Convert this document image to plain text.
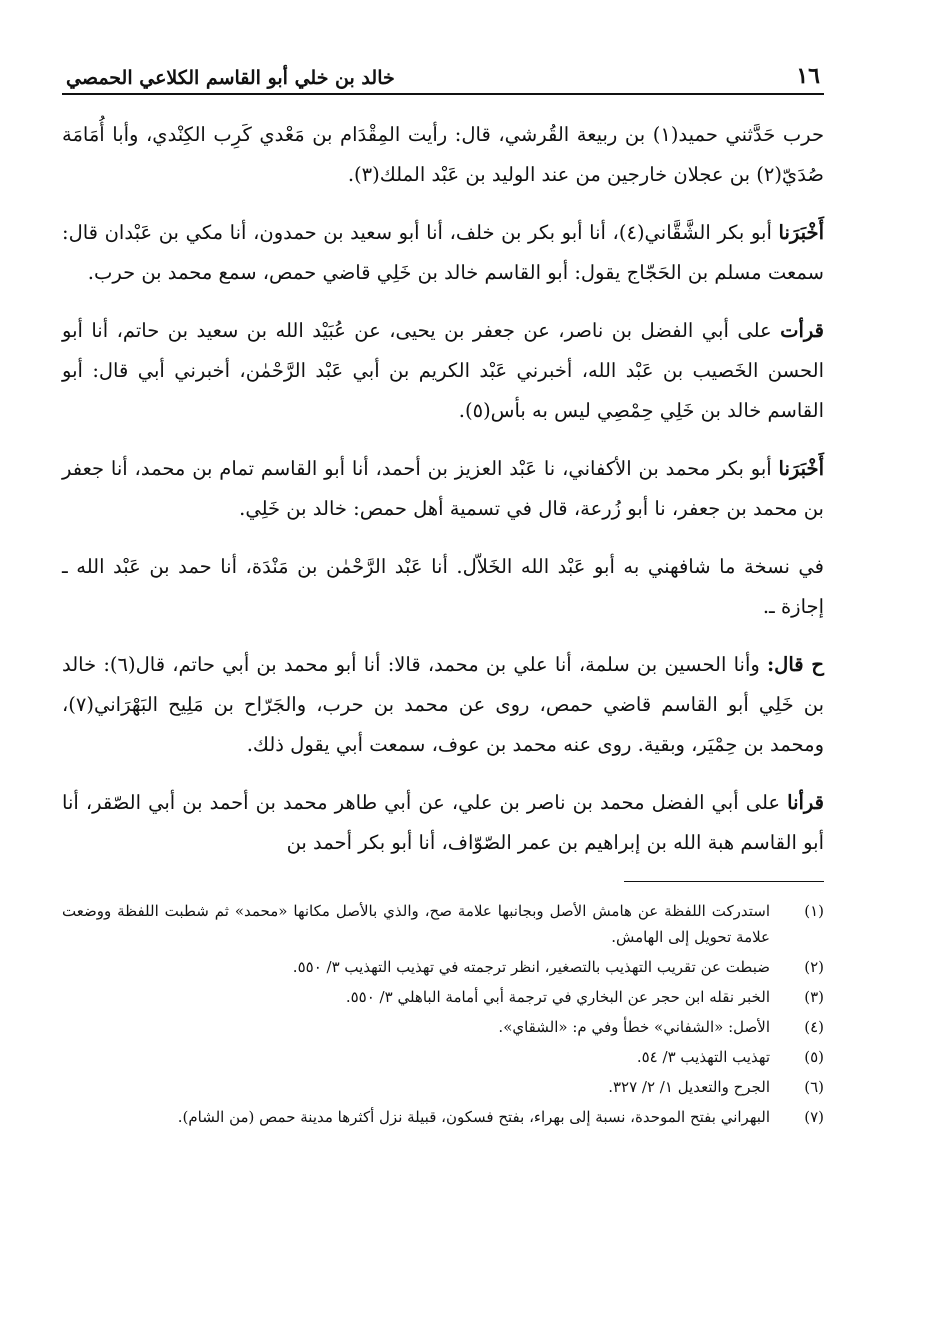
١٦
خالد بن خلي أبو القاسم الكلاعي الحمصي

حرب حَدَّثني حميد(١) بن ربيعة القُرشي، قال: رأيت المِقْدَام بن مَعْدي كَرِب الكِنْدي، وأبا أُمَامَة صُدَيّ(٢) بن عجلان خارجين من عند الوليد بن عَبْد الملك(٣).

أَخْبَرَنا أبو بكر الشَّقَّاني(٤)، أنا أبو بكر بن خلف، أنا أبو سعيد بن حمدون، أنا مكي بن عَبْدان قال: سمعت مسلم بن الحَجّاج يقول: أبو القاسم خالد بن خَلِي قاضي حمص، سمع محمد بن حرب.

قرأت على أبي الفضل بن ناصر، عن جعفر بن يحيى، عن عُبَيْد الله بن سعيد بن حاتم، أنا أبو الحسن الخَصيب بن عَبْد الله، أخبرني عَبْد الكريم بن أبي عَبْد الرَّحْمٰن، أخبرني أبي قال: أبو القاسم خالد بن خَلِي حِمْصِي ليس به بأس(٥).

أَخْبَرَنا أبو بكر محمد بن الأكفاني، نا عَبْد العزيز بن أحمد، أنا أبو القاسم تمام بن محمد، أنا جعفر بن محمد بن جعفر، نا أبو زُرعة، قال في تسمية أهل حمص: خالد بن خَلِي.

في نسخة ما شافهني به أبو عَبْد الله الخَلاّل. أنا عَبْد الرَّحْمٰن بن مَنْدَة، أنا حمد بن عَبْد الله ـ إجازة ـ.

ح قال: وأنا الحسين بن سلمة، أنا علي بن محمد، قالا: أنا أبو محمد بن أبي حاتم، قال(٦): خالد بن خَلِي أبو القاسم قاضي حمص، روى عن محمد بن حرب، والجَرّاح بن مَلِيح البَهْرَاني(٧)، ومحمد بن حِمْيَر، وبقية. روى عنه محمد بن عوف، سمعت أبي يقول ذلك.

قرأنا على أبي الفضل محمد بن ناصر بن علي، عن أبي طاهر محمد بن أحمد بن أبي الصّقر، أنا أبو القاسم هبة الله بن إبراهيم بن عمر الصّوّاف، أنا أبو بكر أحمد بن

(١)
استدركت اللفظة عن هامش الأصل وبجانبها علامة صح، والذي بالأصل مكانها «محمد» ثم شطبت اللفظة ووضعت علامة تحويل إلى الهامش.
(٢)
ضبطت عن تقريب التهذيب بالتصغير، انظر ترجمته في تهذيب التهذيب ٣/ ٥٥٠.
(٣)
الخبر نقله ابن حجر عن البخاري في ترجمة أبي أمامة الباهلي ٣/ ٥٥٠.
(٤)
الأصل: «الشفاني» خطأ وفي م: «الشقاي».
(٥)
تهذيب التهذيب ٣/ ٥٤.
(٦)
الجرح والتعديل ١/ ٢/ ٣٢٧.
(٧)
البهراني بفتح الموحدة، نسبة إلى بهراء، بفتح فسكون، قبيلة نزل أكثرها مدينة حمص (من الشام).
